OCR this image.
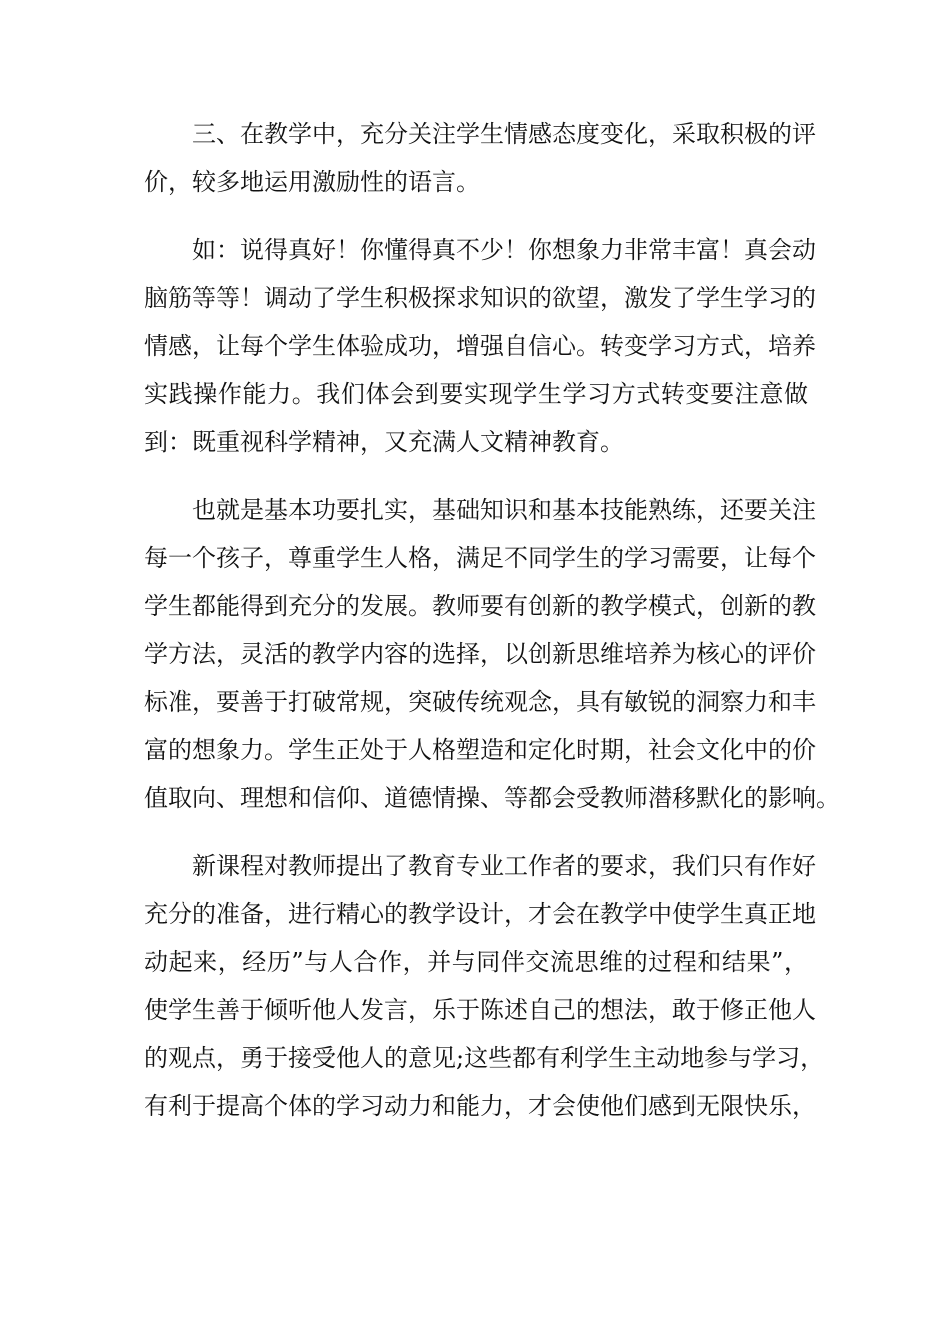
三、在教学中，充分关注学生情感态度变化，采取积极的评
价，较多地运用激励性的语言。

如：说得真好！你懂得真不少！你想象力非常丰富！真会动
脑筋等等！调动了学生积极探求知识的欲望，激发了学生学习的
情感，让每个学生体验成功，增强自信心。转变学习方式，培养
实践操作能力。我们体会到要实现学生学习方式转变要注意做
到：既重视科学精神，又充满人文精神教育。

也就是基本功要扎实，基础知识和基本技能熟练，还要关注
每一个孩子，尊重学生人格，满足不同学生的学习需要，让每个
学生都能得到充分的发展。教师要有创新的教学模式，创新的教
学方法，灵活的教学内容的选择，以创新思维培养为核心的评价
标准，要善于打破常规，突破传统观念，具有敏锐的洞察力和丰
富的想象力。学生正处于人格塑造和定化时期，社会文化中的价
值取向、理想和信仰、道德情操、等都会受教师潜移默化的影响。

新课程对教师提出了教育专业工作者的要求，我们只有作好
充分的准备，进行精心的教学设计，才会在教学中使学生真正地
动起来，经历”与人合作，并与同伴交流思维的过程和结果”，
使学生善于倾听他人发言，乐于陈述自己的想法，敢于修正他人
的观点，勇于接受他人的意见;这些都有利学生主动地参与学习，
有利于提高个体的学习动力和能力，才会使他们感到无限快乐，
